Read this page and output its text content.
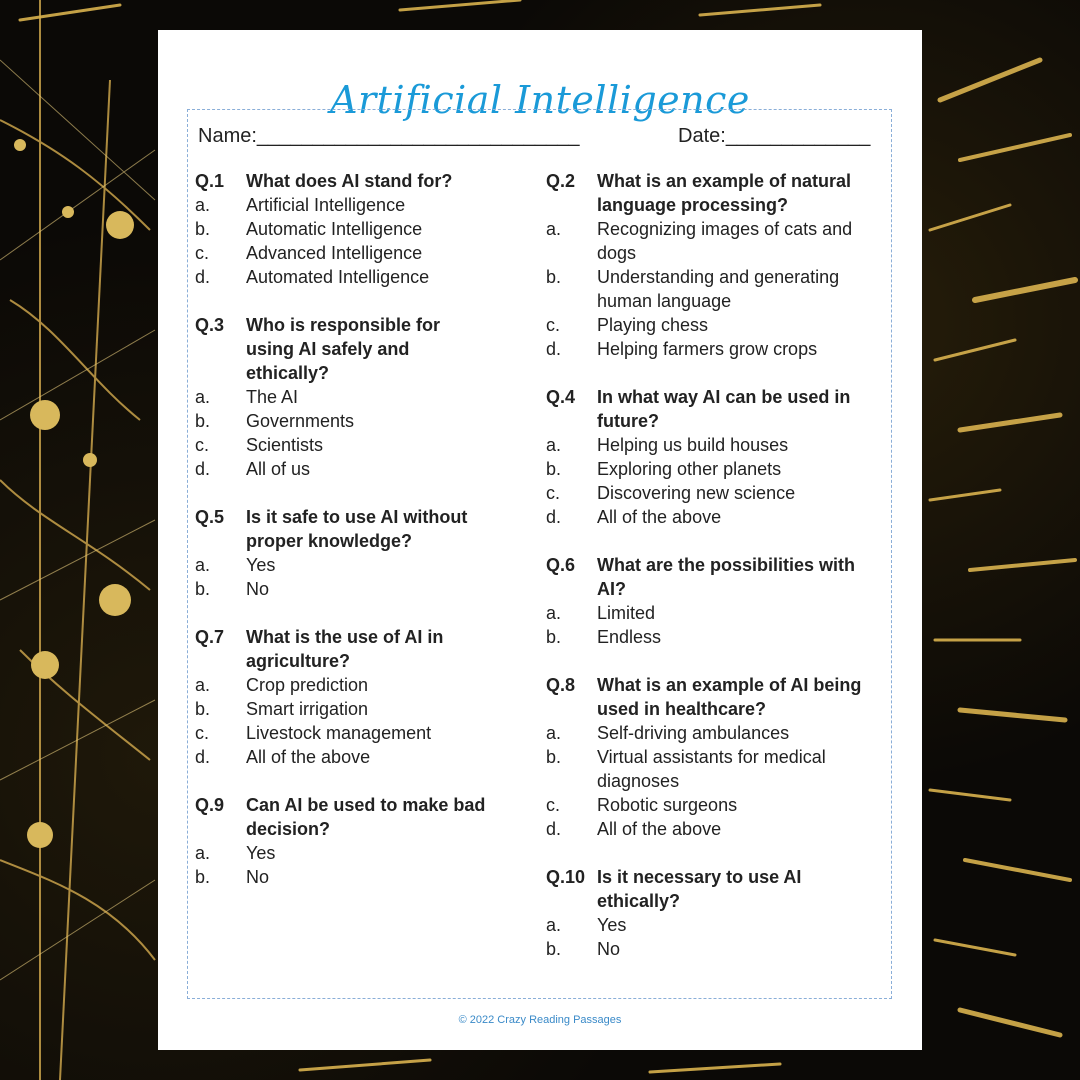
Artificial Intelligence
Name:_____________________________	Date:_____________
Q.1	What does AI stand for?
a.	Artificial Intelligence
b.	Automatic Intelligence
c.	Advanced Intelligence
d.	Automated Intelligence
Q.3	Who is responsible for using AI safely and ethically?
a.	The AI
b.	Governments
c.	Scientists
d.	All of us
Q.5	Is it safe to use AI without proper knowledge?
a.	Yes
b.	No
Q.7	What is the use of AI in agriculture?
a.	Crop prediction
b.	Smart irrigation
c.	Livestock management
d.	All of the above
Q.9	Can AI be used to make bad decision?
a.	Yes
b.	No
Q.2	What is an example of natural language processing?
a.	Recognizing images of cats and dogs
b.	Understanding and generating human language
c.	Playing chess
d.	Helping farmers grow crops
Q.4	In what way AI can be used in future?
a.	Helping us build houses
b.	Exploring other planets
c.	Discovering new science
d.	All of the above
Q.6	What are the possibilities with AI?
a.	Limited
b.	Endless
Q.8	What is an example of AI being used in healthcare?
a.	Self-driving ambulances
b.	Virtual assistants for medical diagnoses
c.	Robotic surgeons
d.	All of the above
Q.10 Is it necessary to use AI ethically?
a.	Yes
b.	No
© 2022 Crazy Reading Passages
